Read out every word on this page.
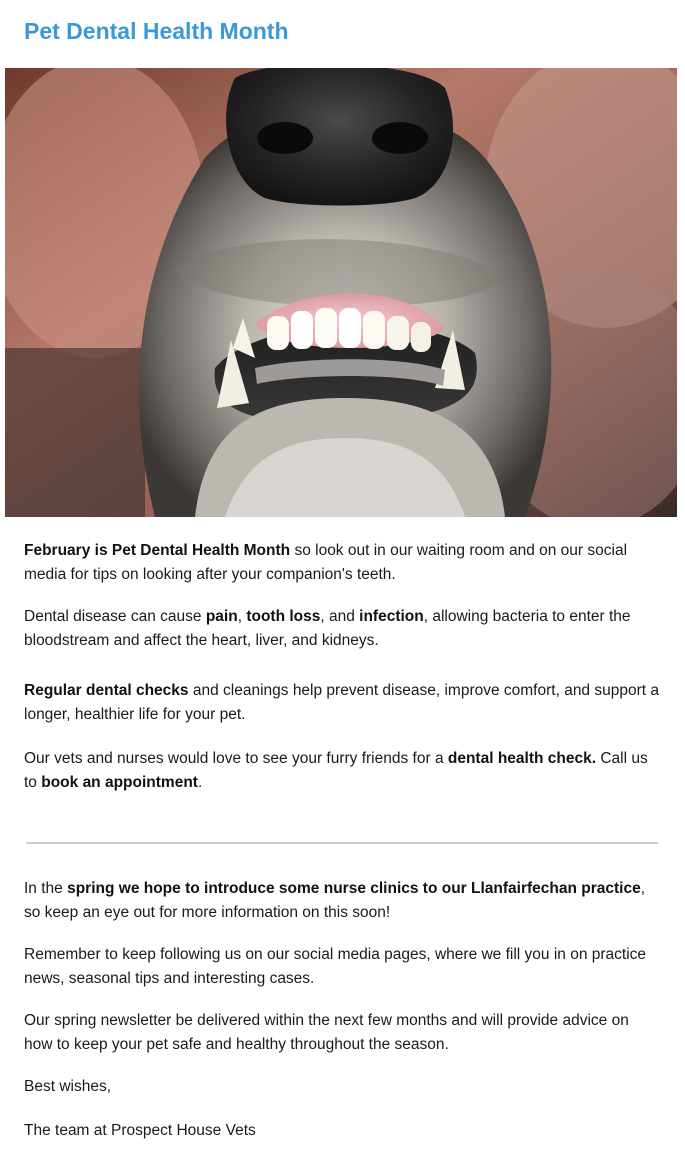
Pet Dental Health Month

February is Pet Dental Health Month so look out in our waiting room and on our social media for tips on looking after your companion's teeth.

Dental disease can cause pain, tooth loss, and infection, allowing bacteria to enter the bloodstream and affect the heart, liver, and kidneys.

Regular dental checks and cleanings help prevent disease, improve comfort, and support a longer, healthier life for your pet.

Our vets and nurses would love to see your furry friends for a dental health check. Call us to book an appointment.

In the spring we hope to introduce some nurse clinics to our Llanfairfechan practice, so keep an eye out for more information on this soon!

Remember to keep following us on our social media pages, where we fill you in on practice news, seasonal tips and interesting cases.

Our spring newsletter be delivered within the next few months and will provide advice on how to keep your pet safe and healthy throughout the season.

Best wishes,

The team at Prospect House Vets
